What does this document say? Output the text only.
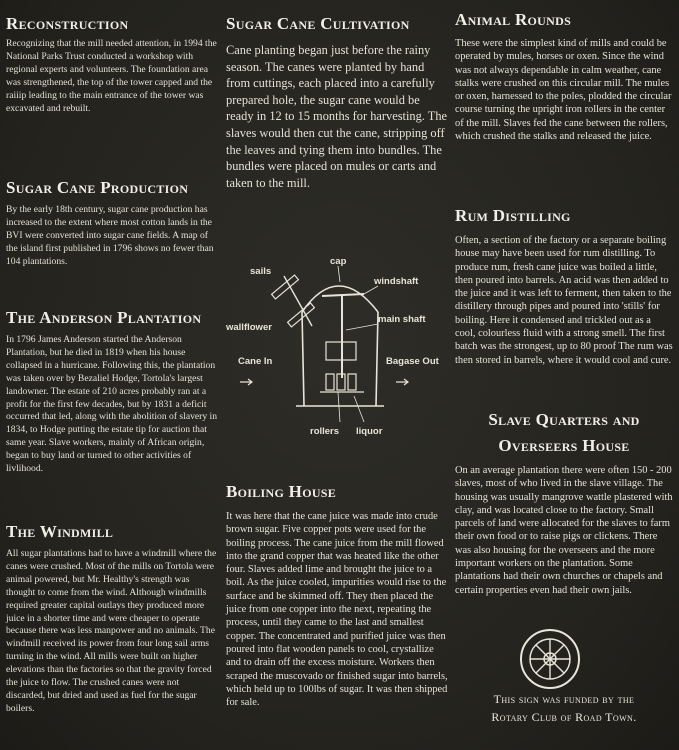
Reconstruction

Recognizing that the mill needed attention, in 1994 the National Parks Trust conducted a workshop with regional experts and volunteers. The foundation area was strengthened, the top of the tower capped and the raiiip leading to the main entrance of the tower was excavated and rebuilt.

Sugar Cane Production

By the early 18th century, sugar cane production has increased to the extent where most cotton lands in the BVI were converted into sugar cane fields. A map of the island first published in 1796 shows no fewer than 104 plantations.

The Anderson Plantation

In 1796 James Anderson started the Anderson Plantation, but he died in 1819 when his house collapsed in a hurricane. Following this, the plantation was taken over by Bezaliel Hodge, Tortola's largest landowner. The estate of 210 acres probably ran at a profit for the first few decades, but by 1831 a deficit occurred that led, along with the abolition of slavery in 1834, to Hodge putting the estate tip for auction that same year. Slave workers, mainly of African origin, began to buy land or turned to other activities of livlihood.

The Windmill

All sugar plantations had to have a windmill where the canes were crushed. Most of the mills on Tortola were animal powered, but Mr. Healthy's strength was thought to come from the wind. Although windmills required greater capital outlays they produced more juice in a shorter time and were cheaper to operate because there was less manpower and no animals. The windmill received its power from four long sail arms turning in the wind. All mills were built on higher elevations than the factories so that the gravity forced the juice to flow. The crushed canes were not discarded, but dried and used as fuel for the sugar boilers.

Sugar Cane Cultivation

Cane planting began just before the rainy season. The canes were planted by hand from cuttings, each placed into a carefully prepared hole, the sugar cane would be ready in 12 to 15 months for harvesting. The slaves would then cut the cane, stripping off the leaves and tying them into bundles. The bundles were placed on mules or carts and taken to the mill.

cap
sails
windshaft
wallflower
main shaft
Cane In	Bagase Out
rollers liquor
Boiling House

It was here that the cane juice was made into crude brown sugar. Five copper pots were used for the boiling process. The cane juice from the mill flowed into the grand copper that was heated like the other four. Slaves added lime and brought the juice to a boil. As the juice cooled, impurities would rise to the surface and be skimmed off. They then placed the juice from one copper into the next, repeating the process, until they came to the last and smallest copper. The concentrated and purified juice was then poured into flat wooden panels to cool, crystallize and to drain off the excess moisture. Workers then scraped the muscovado or finished sugar into barrels, which held up to 100lbs of sugar. It was then shipped for sale.

Animal Rounds

These were the simplest kind of mills and could be operated by mules, horses or oxen. Since the wind was not always dependable in calm weather, cane stalks were crushed on this circular mill. The mules or oxen, harnessed to the poles, plodded the circular course turning the upright iron rollers in the center of the mill. Slaves fed the cane between the rollers, which crushed the stalks and released the juice.

Rum Distilling

Often, a section of the factory or a separate boiling house may have been used for rum distilling. To produce rum, fresh cane juice was boiled a little, then poured into barrels. An acid was then added to the juice and it was left to ferment, then taken to the distillery through pipes and poured into 'stills' for boiling. Here it condensed and trickled out as a cool, colourless fluid with a strong smell. The first batch was the strongest, up to 80 proof The rum was then stored in barrels, where it would cool and cure.

Slave Quarters and
Overseers House

On an average plantation there were often 150 - 200 slaves, most of who lived in the slave village. The housing was usually mangrove wattle plastered with clay, and was located close to the factory. Small parcels of land were allocated for the slaves to farm their own food or to raise pigs or clickens. There was also housing for the overseers and the more important workers on the plantation. Some plantations had their own churches or chapels and certain properties even had their own jails.

This sign was funded by the

Rotary Club of Road Town.
